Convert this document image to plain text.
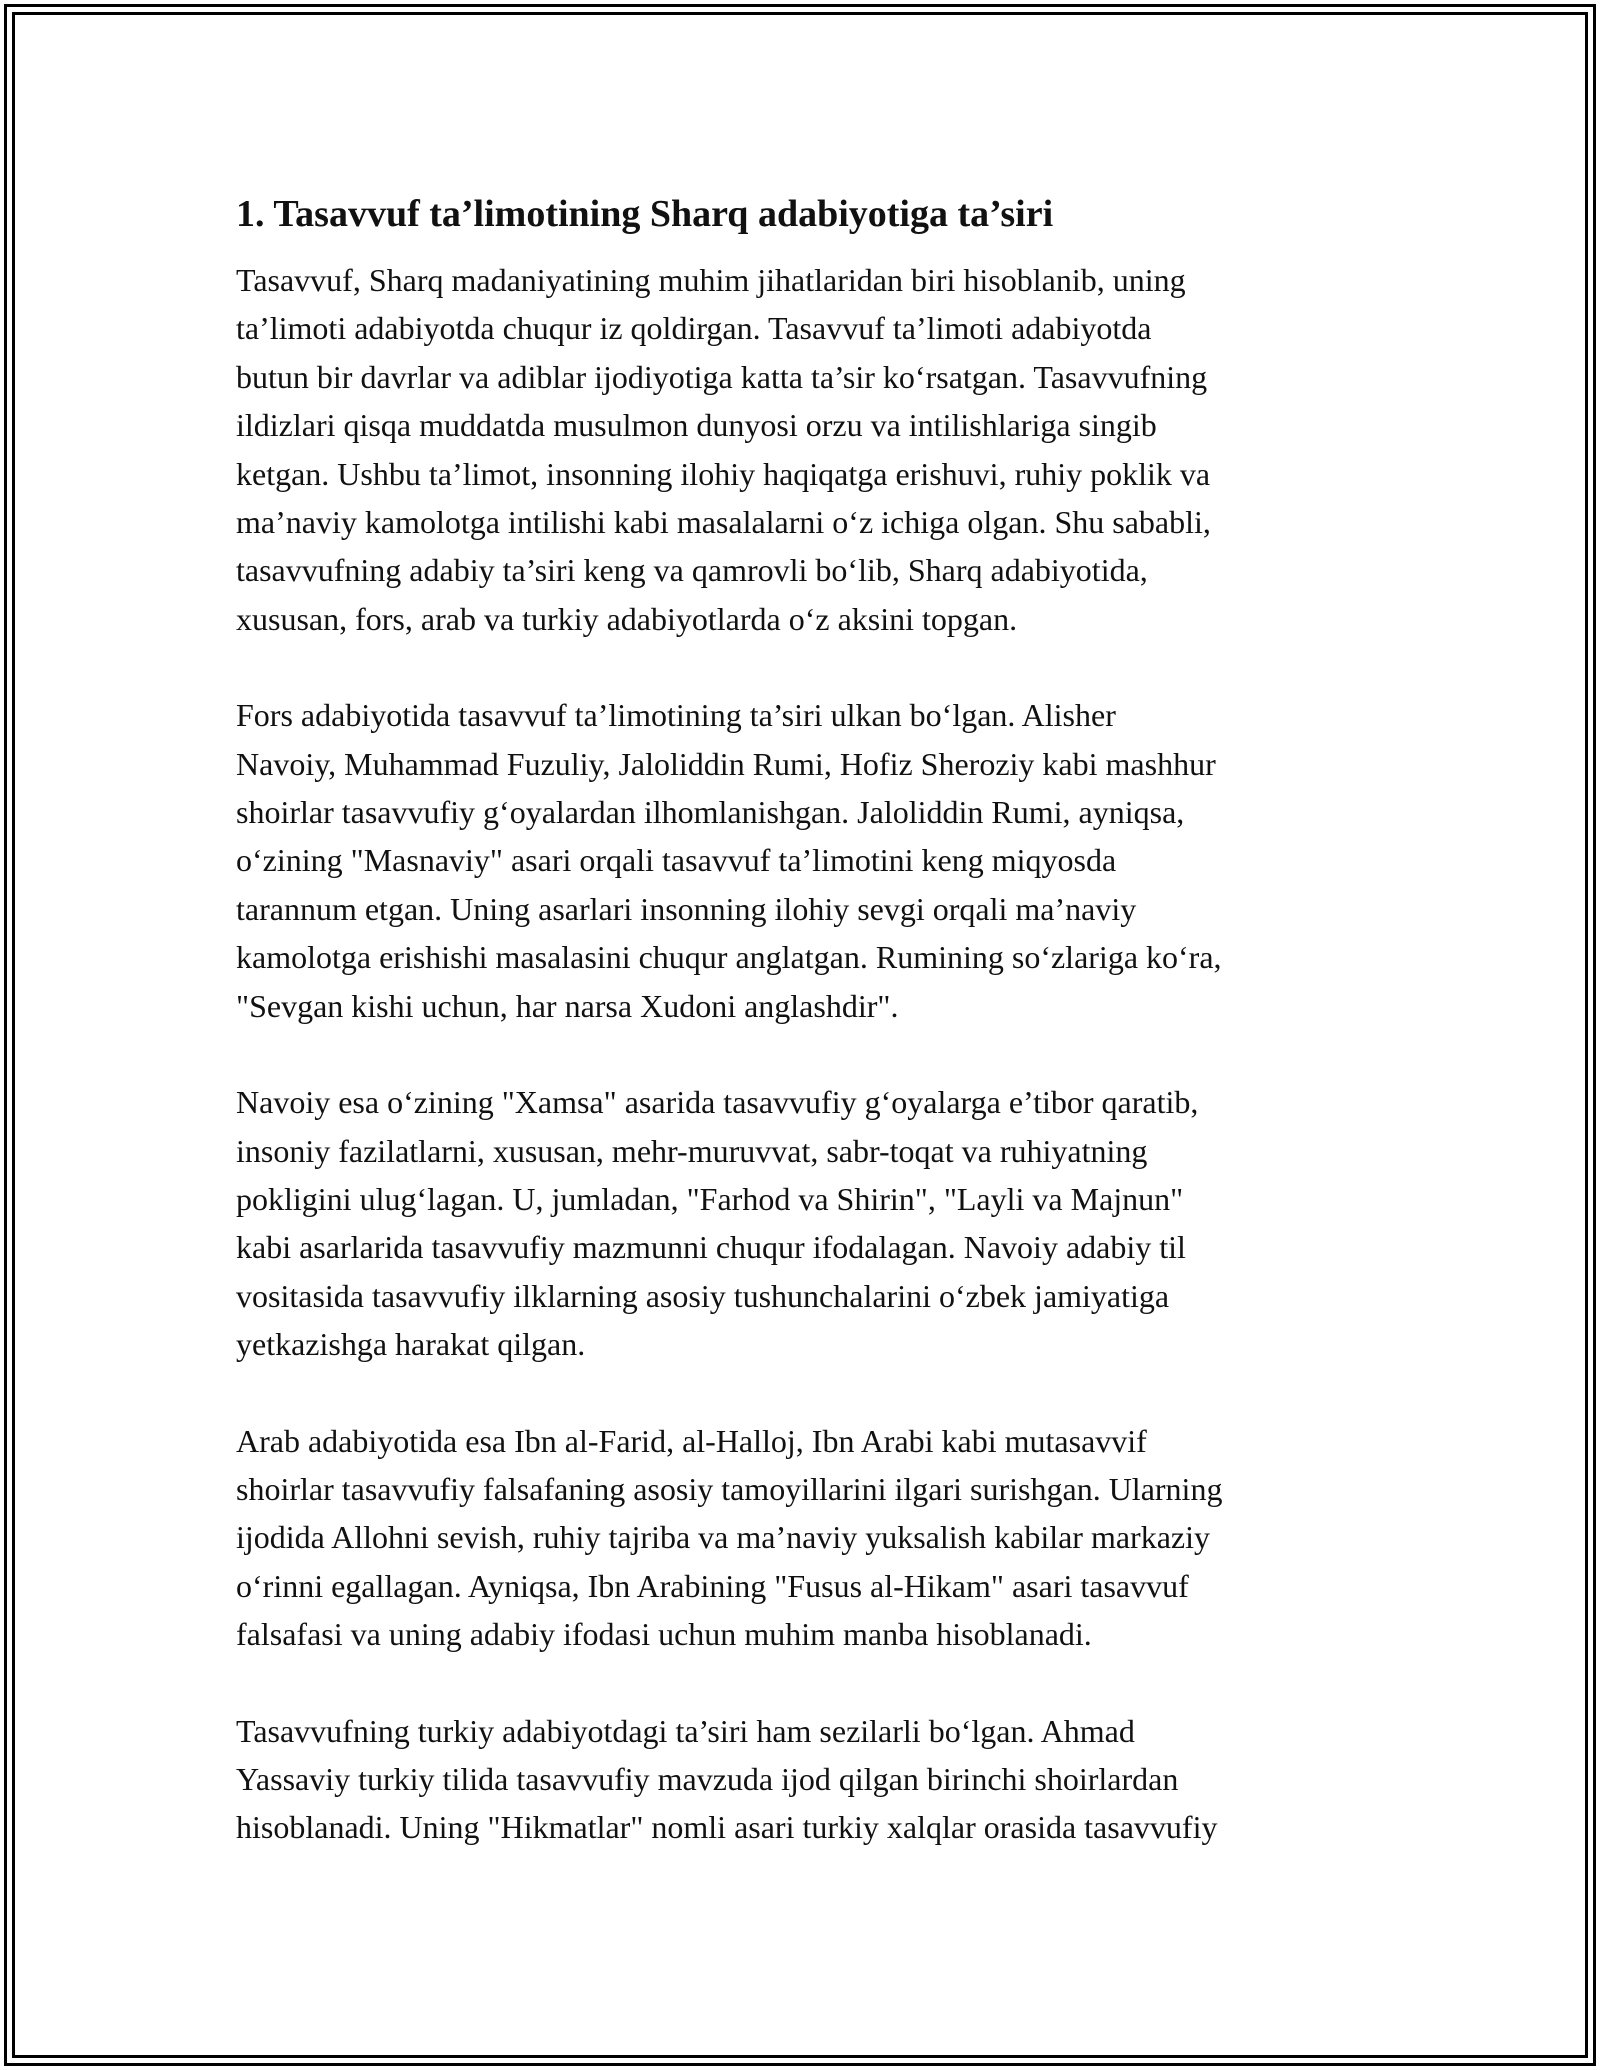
1. Tasavvuf ta’limotining Sharq adabiyotiga ta’siri

Tasavvuf, Sharq madaniyatining muhim jihatlaridan biri hisoblanib, uning
ta’limoti adabiyotda chuqur iz qoldirgan. Tasavvuf ta’limoti adabiyotda
butun bir davrlar va adiblar ijodiyotiga katta ta’sir ko‘rsatgan. Tasavvufning
ildizlari qisqa muddatda musulmon dunyosi orzu va intilishlariga singib
ketgan. Ushbu ta’limot, insonning ilohiy haqiqatga erishuvi, ruhiy poklik va
ma’naviy kamolotga intilishi kabi masalalarni o‘z ichiga olgan. Shu sababli,
tasavvufning adabiy ta’siri keng va qamrovli bo‘lib, Sharq adabiyotida,
xususan, fors, arab va turkiy adabiyotlarda o‘z aksini topgan.

Fors adabiyotida tasavvuf ta’limotining ta’siri ulkan bo‘lgan. Alisher
Navoiy, Muhammad Fuzuliy, Jaloliddin Rumi, Hofiz Sheroziy kabi mashhur
shoirlar tasavvufiy g‘oyalardan ilhomlanishgan. Jaloliddin Rumi, ayniqsa,
o‘zining "Masnaviy" asari orqali tasavvuf ta’limotini keng miqyosda
tarannum etgan. Uning asarlari insonning ilohiy sevgi orqali ma’naviy
kamolotga erishishi masalasini chuqur anglatgan. Rumining so‘zlariga ko‘ra,
"Sevgan kishi uchun, har narsa Xudoni anglashdir".

Navoiy esa o‘zining "Xamsa" asarida tasavvufiy g‘oyalarga e’tibor qaratib,
insoniy fazilatlarni, xususan, mehr-muruvvat, sabr-toqat va ruhiyatning
pokligini ulug‘lagan. U, jumladan, "Farhod va Shirin", "Layli va Majnun"
kabi asarlarida tasavvufiy mazmunni chuqur ifodalagan. Navoiy adabiy til
vositasida tasavvufiy ilklarning asosiy tushunchalarini o‘zbek jamiyatiga
yetkazishga harakat qilgan.

Arab adabiyotida esa Ibn al-Farid, al-Halloj, Ibn Arabi kabi mutasavvif
shoirlar tasavvufiy falsafaning asosiy tamoyillarini ilgari surishgan. Ularning
ijodida Allohni sevish, ruhiy tajriba va ma’naviy yuksalish kabilar markaziy
o‘rinni egallagan. Ayniqsa, Ibn Arabining "Fusus al-Hikam" asari tasavvuf
falsafasi va uning adabiy ifodasi uchun muhim manba hisoblanadi.

Tasavvufning turkiy adabiyotdagi ta’siri ham sezilarli bo‘lgan. Ahmad
Yassaviy turkiy tilida tasavvufiy mavzuda ijod qilgan birinchi shoirlardan
hisoblanadi. Uning "Hikmatlar" nomli asari turkiy xalqlar orasida tasavvufiy
